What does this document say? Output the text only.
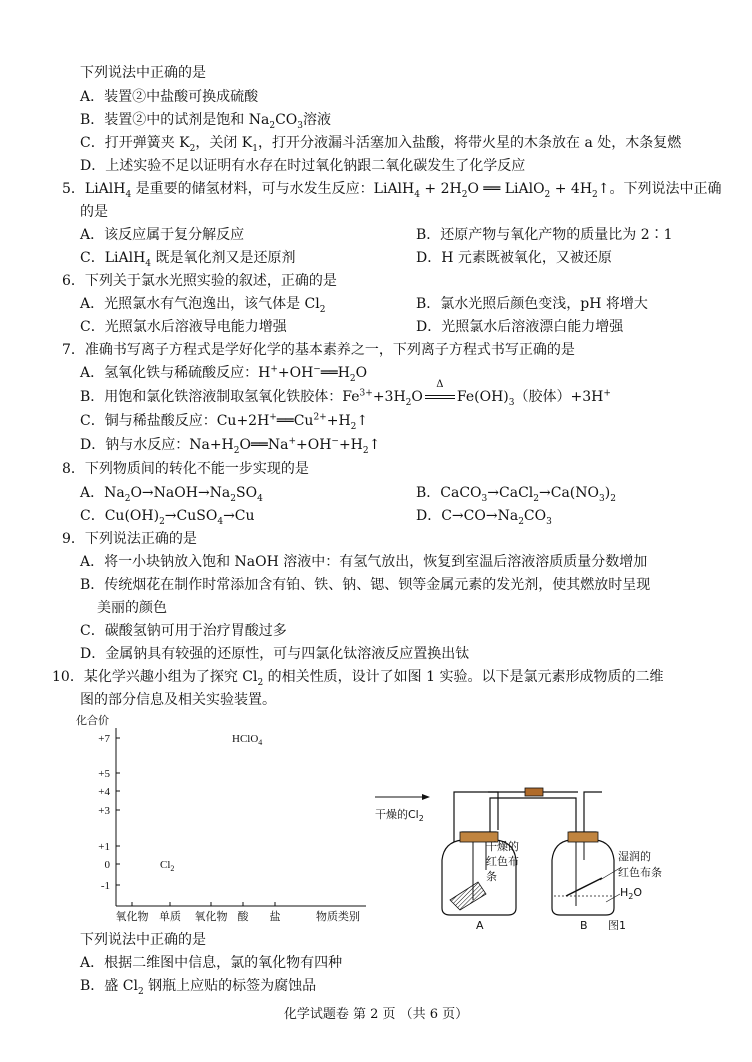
下列说法中正确的是
A．装置②中盐酸可换成硫酸
B．装置②中的试剂是饱和 $Na_2CO_3$溶液
C．打开弹簧夹 $K_2$，关闭 $K_1$，打开分液漏斗活塞加入盐酸，将带火星的木条放在 a 处，木条复燃
D．上述实验不足以证明有水存在时过氧化钠跟二氧化碳发生了化学反应
5．LiAlH$_4$ 是重要的储氢材料，可与水发生反应：LiAlH$_4$ + $2H_2O$ ══ LiAlO$_2$ + $4H_2↑$。下列说法中正确
的是
A．该反应属于复分解反应	B．还原产物与氧化产物的质量比为 2∶1
C．LiAlH$_4$ 既是氧化剂又是还原剂	D．H 元素既被氧化，又被还原
6．下列关于氯水光照实验的叙述，正确的是
A．光照氯水有气泡逸出，该气体是 $Cl_2$	B．氯水光照后颜色变浅，pH 将增大
C．光照氯水后溶液导电能力增强	D．光照氯水后溶液漂白能力增强
7．准确书写离子方程式是学好化学的基本素养之一，下列离子方程式书写正确的是
A．氢氧化铁与稀硫酸反应：$H^++OH^-══H_2O$
B．用饱和氯化铁溶液制取氢氧化铁胶体：$Fe^{3+}+3H_2O$
Δ
$Fe(OH)_3$（胶体）+3H+
C．铜与稀盐酸反应：$Cu+2H^+══Cu^{2+}+H_2↑$
D．钠与水反应：$Na+H_2O══Na^++OH^-+H_2↑$
8．下列物质间的转化不能一步实现的是
A．$Na_2O\to NaOH\to Na_2SO_4$	B．$CaCO_3\to CaCl_2\to Ca(NO_3)_2$
C．$Cu(OH)_2\to CuSO_4\to Cu$	D．$C\to CO\to Na_2CO_3$
9．下列说法正确的是
A．将一小块钠放入饱和 NaOH 溶液中：有氢气放出，恢复到室温后溶液溶质质量分数增加
B．传统烟花在制作时常添加含有铂、铁、钠、锶、钡等金属元素的发光剂，使其燃放时呈现
美丽的颜色
C．碳酸氢钠可用于治疗胃酸过多
D．金属钠具有较强的还原性，可与四氯化钛溶液反应置换出钛
10．某化学兴趣小组为了探究 $Cl_2$ 的相关性质，设计了如图 1 实验。以下是氯元素形成物质的二维
图的部分信息及相关实验装置。
化合价
+7
+5
+4
+3
+1
0
-1
氧化物 单质 氧化物 酸 盐
HClO$_4$
$Cl_2$
物质类别
干燥的$Cl_2$
干燥的
红色布
条
A
湿润的
红色布条
$H_2O$
B 图1
下列说法中正确的是
A．根据二维图中信息，氯的氧化物有四种
B．盛 $Cl_2$ 钢瓶上应贴的标签为腐蚀品
化学试题卷 第 2 页 （共 6 页）
